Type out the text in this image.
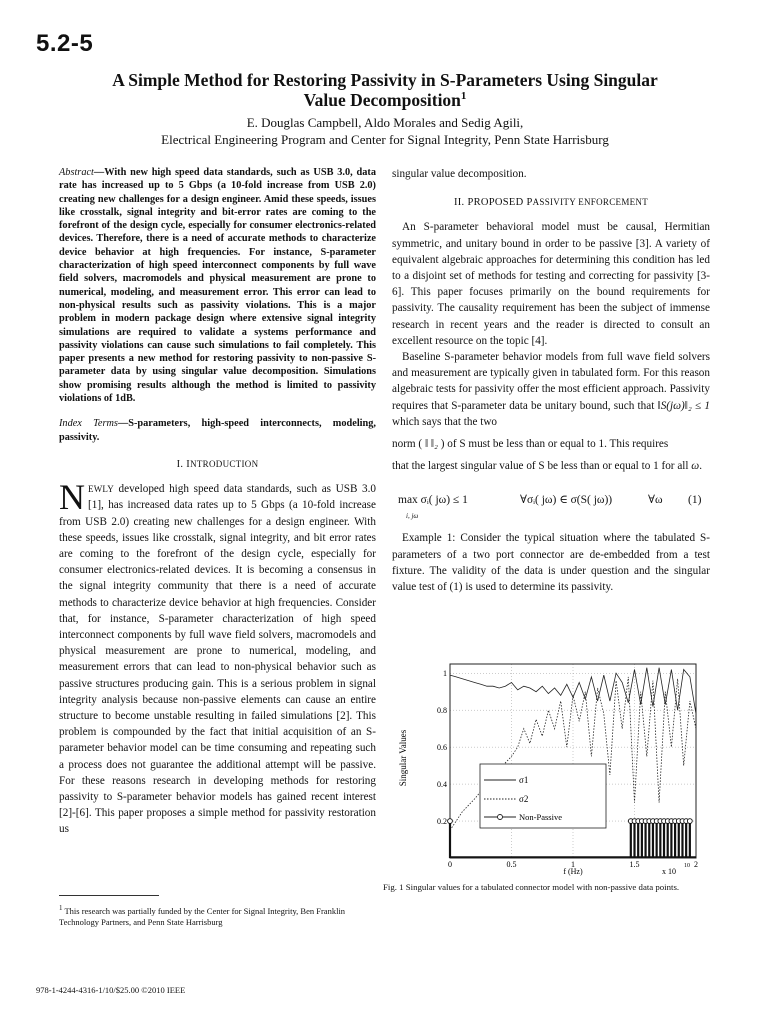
5.2-5
A Simple Method for Restoring Passivity in S-Parameters Using Singular
Value Decomposition$^1$
E. Douglas Campbell, Aldo Morales and Sedig Agili,
Electrical Engineering Program and Center for Signal Integrity, Penn State Harrisburg

Abstract—With new high speed data standards, such as USB 3.0, data rate has increased up to 5 Gbps (a 10-fold increase from USB 2.0) creating new challenges for a design engineer. Amid these speeds, issues like crosstalk, signal integrity and bit-error rates are coming to the forefront of the design cycle, especially for consumer electronics-related devices. Therefore, there is a need of accurate methods to characterize device behavior at high frequencies. For instance, S-parameter characterization of high speed interconnect components by full wave field solvers, macromodels and physical measurement are prone to numerical, modeling, and measurement error. This error can lead to non-physical results such as passivity violations. This is a major problem in modern package design where extensive signal integrity simulations are required to validate a systems performance and passivity violations can cause such simulations to fail completely. This paper presents a new method for restoring passivity to non-passive S-parameter data by using singular value decomposition. Simulations show promising results although the method is limited to passivity violations of 1dB.

Index Terms—S-parameters, high-speed interconnects, modeling, passivity.

I. INTRODUCTION

NEWLY developed high speed data standards, such as USB 3.0 [1], has increased data rates up to 5 Gbps (a 10-fold increase from USB 2.0) creating new challenges for a design engineer. With these speeds, issues like crosstalk, signal integrity, and bit error rates are coming to the forefront of the design cycle, especially for consumer electronics-related devices. It is becoming a consensus in the signal integrity community that there is a need of accurate methods to characterize device behavior at high frequencies. Consider that, for instance, S-parameter characterization of high speed interconnect components by full wave field solvers, macromodels and physical measurement are prone to numerical, modeling, and measurement errors that can lead to non-physical behavior such as passive structures producing gain. This is a serious problem in signal integrity analysis because non-passive elements can cause an entire structure to become unstable resulting in failed simulations [2]. This problem is compounded by the fact that initial acquisition of an S-parameter behavior model can be time consuming and repeating such a process does not guarantee the additional attempt will be passive. For these reasons research in developing methods for restoring passivity to S-parameter behavior models has gained recent interest [2]-[6]. This paper proposes a simple method for passivity restoration us

$^1$ This research was partially funded by the Center for Signal Integrity, Ben Franklin Technology Partners, and Penn State Harrisburg
978-1-4244-4316-1/10/$25.00 ©2010 IEEE

singular value decomposition.

II. PROPOSED PASSIVITY ENFORCEMENT

An S-parameter behavioral model must be causal, Hermitian symmetric, and unitary bound in order to be passive [3]. A variety of equivalent algebraic approaches for determining this condition has led to a disjoint set of methods for testing and correcting for passivity [3-6]. This paper focuses primarily on the bound requirements for passivity. The causality requirement has been the subject of immense research in recent years and the reader is directed to consult an excellent resource on the topic [4].

Baseline S-parameter behavior models from full wave field solvers and measurement are typically given in tabulated form. For this reason algebraic tests for passivity offer the most efficient approach. Passivity requires that S-parameter data be unitary bound, such that ‖S(jω)‖₂ ≤ 1 which says that the two

norm ( ‖ ‖₂ ) of S must be less than or equal to 1. This requires

that the largest singular value of S be less than or equal to 1 for all ω.

max σᵢ( jω) ≤ 1
i, jω
∀σᵢ( jω) ∈ σ(S( jω))	∀ω (1)

Example 1: Consider the typical situation where the tabulated S-parameters of a two port connector are de-embedded from a test fixture. The validity of the data is under question and the singular value test of (1) is used to determine its passivity.

0	0.5	1	1.5	2
0.2
0.4
0.6
0.8
1
Singular Values
f (Hz)	x 10
10
σ1
σ2
Non-Passive
Fig. 1 Singular values for a tabulated connector model with non-passive data points.
